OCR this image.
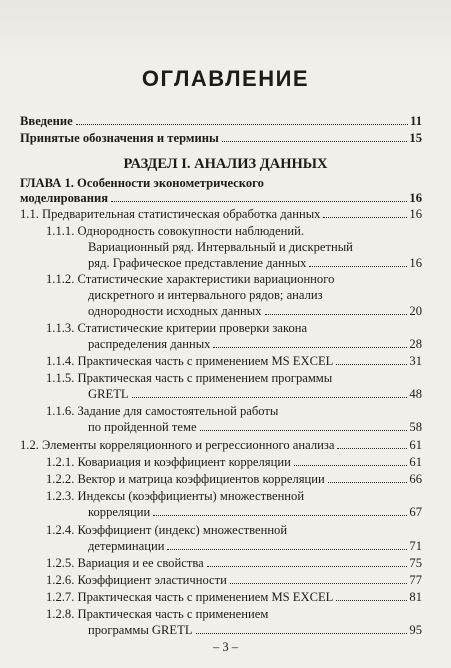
ОГЛАВЛЕНИЕ
Введение	11
Принятые обозначения и термины	15
РАЗДЕЛ I. АНАЛИЗ ДАННЫХ
ГЛАВА 1. Особенности эконометрического
моделирования	16
1.1. Предварительная статистическая обработка данных	16
1.1.1. Однородность совокупности наблюдений.
Вариационный ряд. Интервальный и дискретный
ряд. Графическое представление данных	16
1.1.2. Статистические характеристики вариационного
дискретного и интервального рядов; анализ
однородности исходных данных	20
1.1.3. Статистические критерии проверки закона
распределения данных	28
1.1.4. Практическая часть с применением MS EXCEL	31
1.1.5. Практическая часть с применением программы
GRETL	48
1.1.6. Задание для самостоятельной работы
по пройденной теме	58
1.2. Элементы корреляционного и регрессионного анализа	61
1.2.1. Ковариация и коэффициент корреляции	61
1.2.2. Вектор и матрица коэффициентов корреляции	66
1.2.3. Индексы (коэффициенты) множественной
корреляции	67
1.2.4. Коэффициент (индекс) множественной
детерминации	71
1.2.5. Вариация и ее свойства	75
1.2.6. Коэффициент эластичности	77
1.2.7. Практическая часть с применением MS EXCEL	81
1.2.8. Практическая часть с применением
программы GRETL	95
– 3 –
